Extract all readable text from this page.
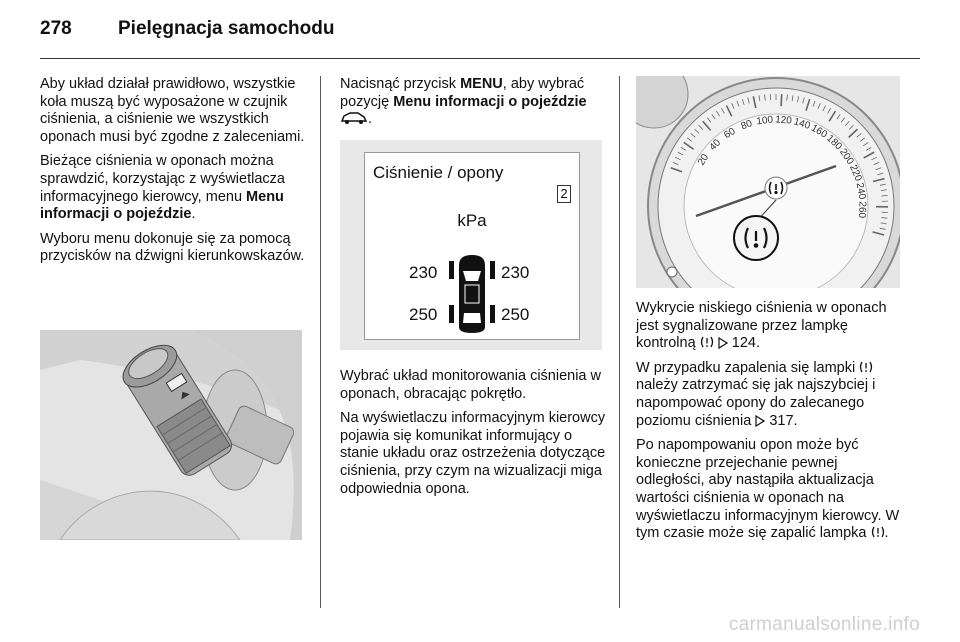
278 Pielęgnacja samochodu

Aby układ działał prawidłowo, wszystkie koła muszą być wyposażone w czujnik ciśnienia, a ciśnienie we wszystkich oponach musi być zgodne z zaleceniami.

Bieżące ciśnienia w oponach można sprawdzić, korzystając z wyświetlacza informacyjnego kierowcy, menu Menu informacji o pojeździe.

Wyboru menu dokonuje się za pomocą przycisków na dźwigni kierunkowskazów.

Nacisnąć przycisk MENU, aby wybrać pozycję Menu informacji o pojeździe .

Ciśnienie / opony
2
kPa
230	230
250	250

Wybrać układ monitorowania ciśnienia w oponach, obracając pokrętło.

Na wyświetlaczu informacyjnym kierowcy pojawia się komunikat informujący o stanie układu oraz ostrzeżenia dotyczące ciśnienia, przy czym na wizualizacji miga odpowiednia opona.

20
40
60
80 100 120 140
160
180
200
220
240
260

Wykrycie niskiego ciśnienia w oponach jest sygnalizowane przez lampkę kontrolną   124.

W przypadku zapalenia się lampki  należy zatrzymać się jak najszybciej i napompować opony do zalecanego poziomu ciśnienia  317.

Po napompowaniu opon może być konieczne przejechanie pewnej odległości, aby nastąpiła aktualizacja wartości ciśnienia w oponach na wyświetlaczu informacyjnym kierowcy. W tym czasie może się zapalić lampka .

carmanualsonline.info
